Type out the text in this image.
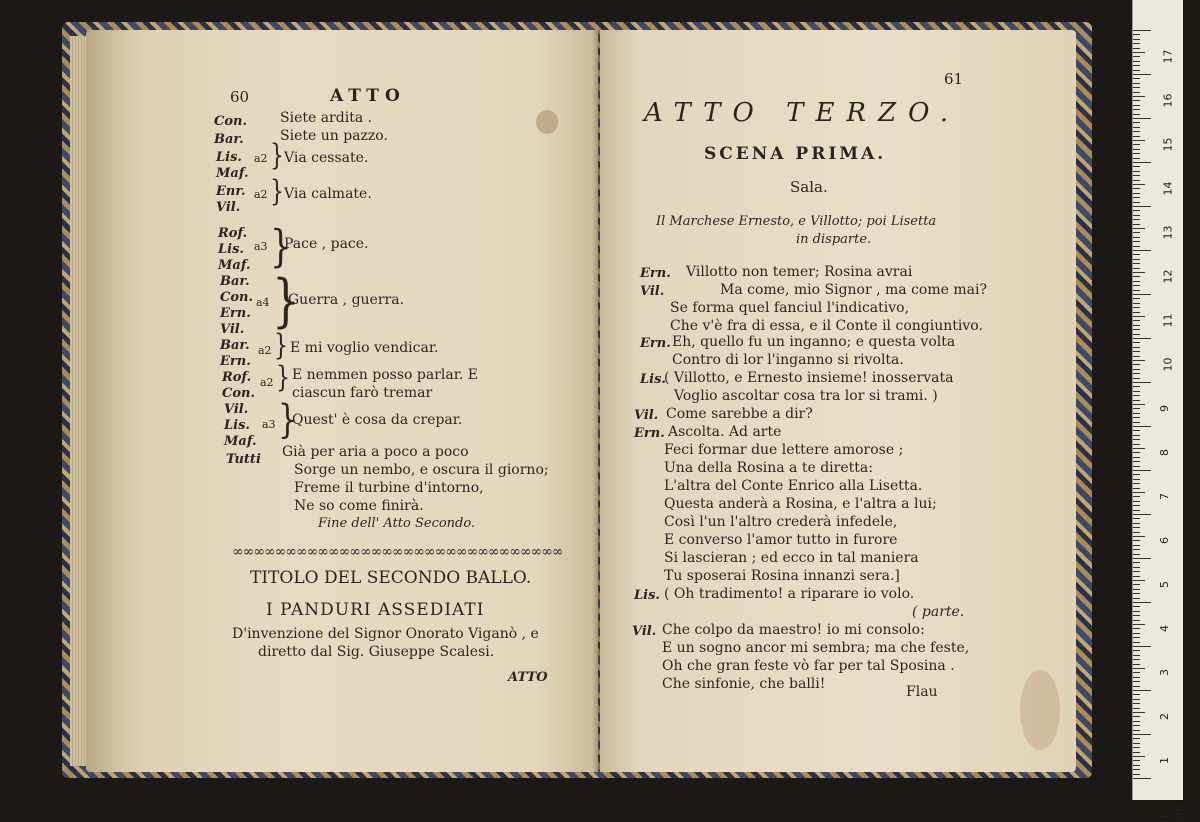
60	ATTO
Con. Siete ardita .
Bar.	Siete un pazzo.
Lis.
Maf.
a2 } Via cessate.
Enr.
Vil.
a2 } Via calmate.
Rof.
Lis.
Maf.
a3 }
Pace , pace.
Bar.
Con.
Ern.
Vil.
a4 }
Guerra , guerra.
Bar.
Ern.
a2 } E mi voglio vendicar.
Rof.
Con.
a2 } E nemmen posso parlar. E ciascun farò tremar
Vil.
Lis.
Maf.
a3 }
Quest' è cosa da crepar.
Tutti Già per aria a poco a poco
Sorge un nembo, e oscura il giorno;
Freme il turbine d'intorno,
Ne so come finirà.
Fine dell' Atto Secondo.
∞∞∞∞∞∞∞∞∞∞∞∞∞∞∞∞∞∞∞∞∞∞∞∞∞∞∞∞∞∞∞
TITOLO DEL SECONDO BALLO.
I PANDURI ASSEDIATI
D'invenzione del Signor Onorato Viganò , e
diretto dal Sig. Giuseppe Scalesi.
ATTO
61
ATTO TERZO.
SCENA PRIMA.
Sala.
Il Marchese Ernesto, e Villotto; poi Lisetta
in disparte.
Ern. Villotto non temer; Rosina avrai
Vil.	Ma come, mio Signor , ma come mai?
Se forma quel fanciul l'indicativo,
Che v'è fra di essa, e il Conte il congiuntivo.
Ern. Eh, quello fu un inganno; e questa volta
Contro di lor l'inganno si rivolta.
Lis.
( Villotto, e Ernesto insieme! inosservata
Voglio ascoltar cosa tra lor si trami. )
Vil. Come sarebbe a dir?
Ern. Ascolta. Ad arte
Feci formar due lettere amorose ;
Una della Rosina a te diretta:
L'altra del Conte Enrico alla Lisetta.
Questa anderà a Rosina, e l'altra a lui;
Così l'un l'altro crederà infedele,
E converso l'amor tutto in furore
Si lascieran ; ed ecco in tal maniera
Tu sposerai Rosina innanzi sera.]
Lis. ( Oh tradimento! a riparare io volo.
( parte.
Vil. Che colpo da maestro! io mi consolo:
E un sogno ancor mi sembra; ma che feste,
Oh che gran feste vò far per tal Sposina .
Che sinfonie, che balli!	Flau
17
16
15
14
13
12
11
10
9
8
7
6
5
4
3
2
1
0 cm
